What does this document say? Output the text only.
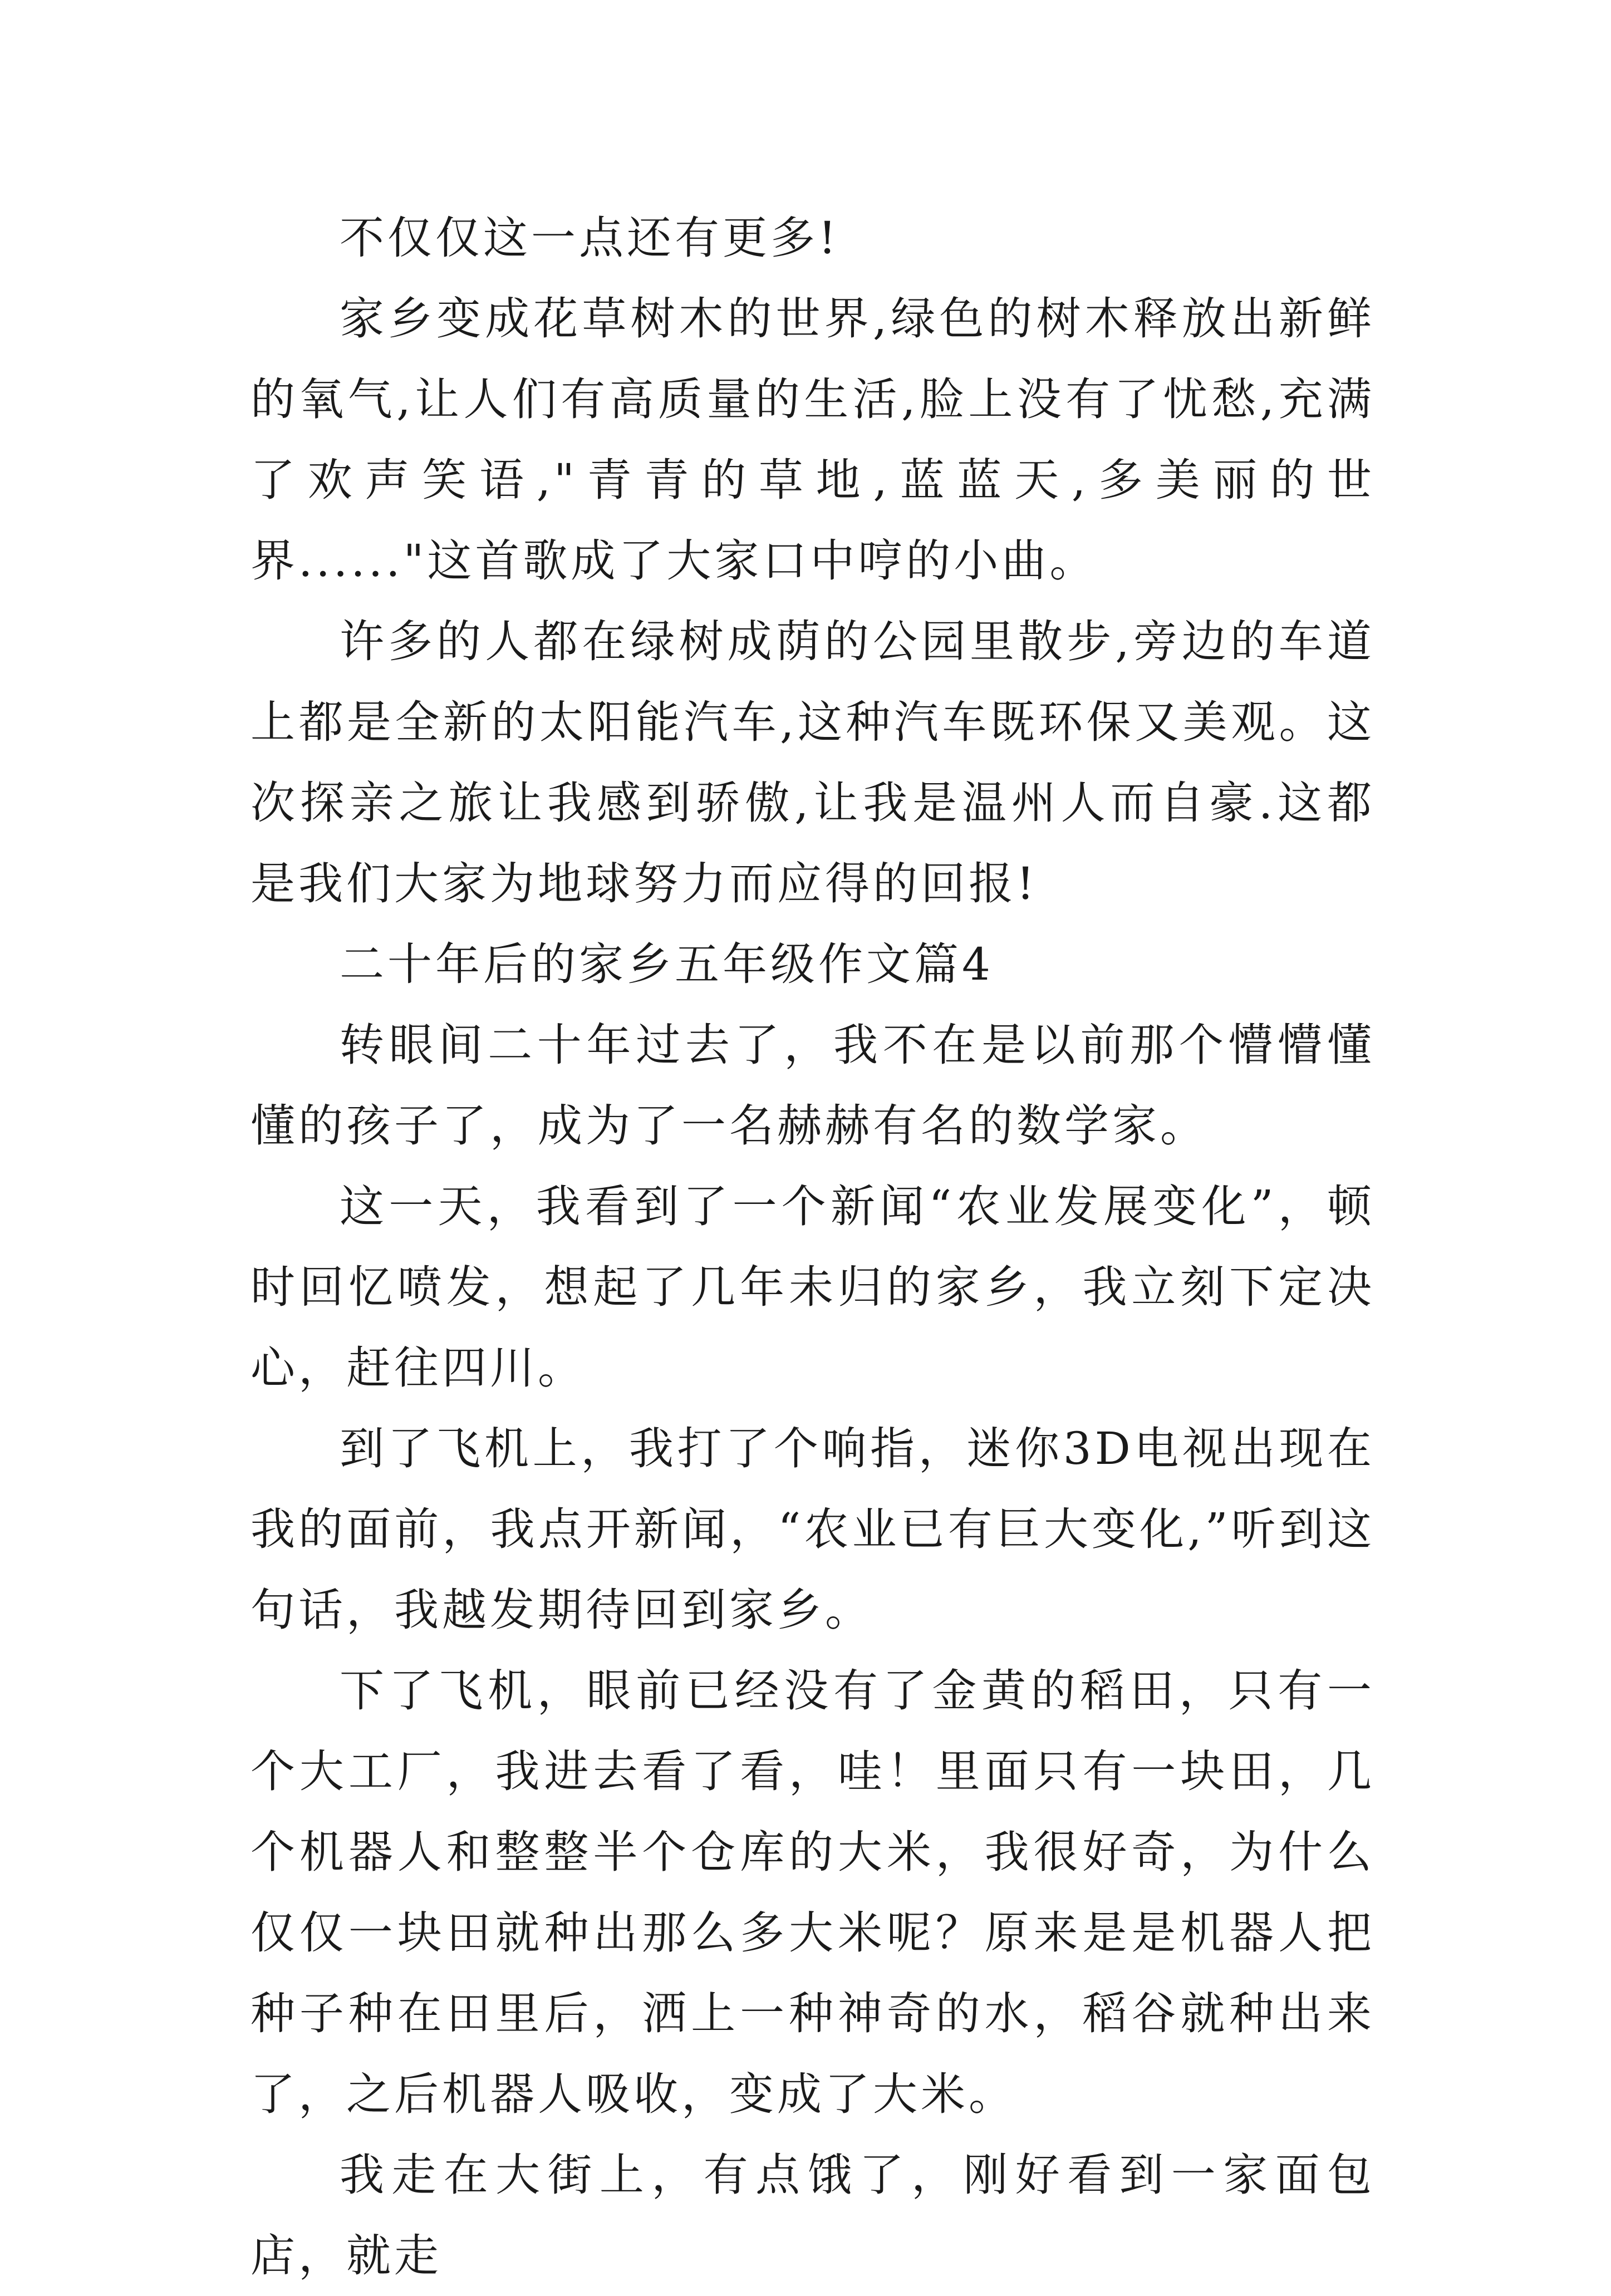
不仅仅这一点还有更多!

家乡变成花草树木的世界,绿色的树木释放出新鲜的氧气,让人们有高质量的生活,脸上没有了忧愁,充满了欢声笑语,"青青的草地,蓝蓝天,多美丽的世界......"这首歌成了大家口中哼的小曲。

许多的人都在绿树成荫的公园里散步,旁边的车道上都是全新的太阳能汽车,这种汽车既环保又美观。这次探亲之旅让我感到骄傲,让我是温州人而自豪.这都是我们大家为地球努力而应得的回报!

二十年后的家乡五年级作文篇4

转眼间二十年过去了，我不在是以前那个懵懵懂懂的孩子了，成为了一名赫赫有名的数学家。

这一天，我看到了一个新闻“农业发展变化”，顿时回忆喷发，想起了几年未归的家乡，我立刻下定决心，赶往四川。

到了飞机上，我打了个响指，迷你3D电视出现在我的面前，我点开新闻，“农业已有巨大变化,”听到这句话，我越发期待回到家乡。

下了飞机，眼前已经没有了金黄的稻田，只有一个大工厂，我进去看了看，哇！里面只有一块田，几个机器人和整整半个仓库的大米，我很好奇，为什么仅仅一块田就种出那么多大米呢？原来是是机器人把种子种在田里后，洒上一种神奇的水，稻谷就种出来了，之后机器人吸收，变成了大米。

我走在大街上，有点饿了，刚好看到一家面包店，就走
